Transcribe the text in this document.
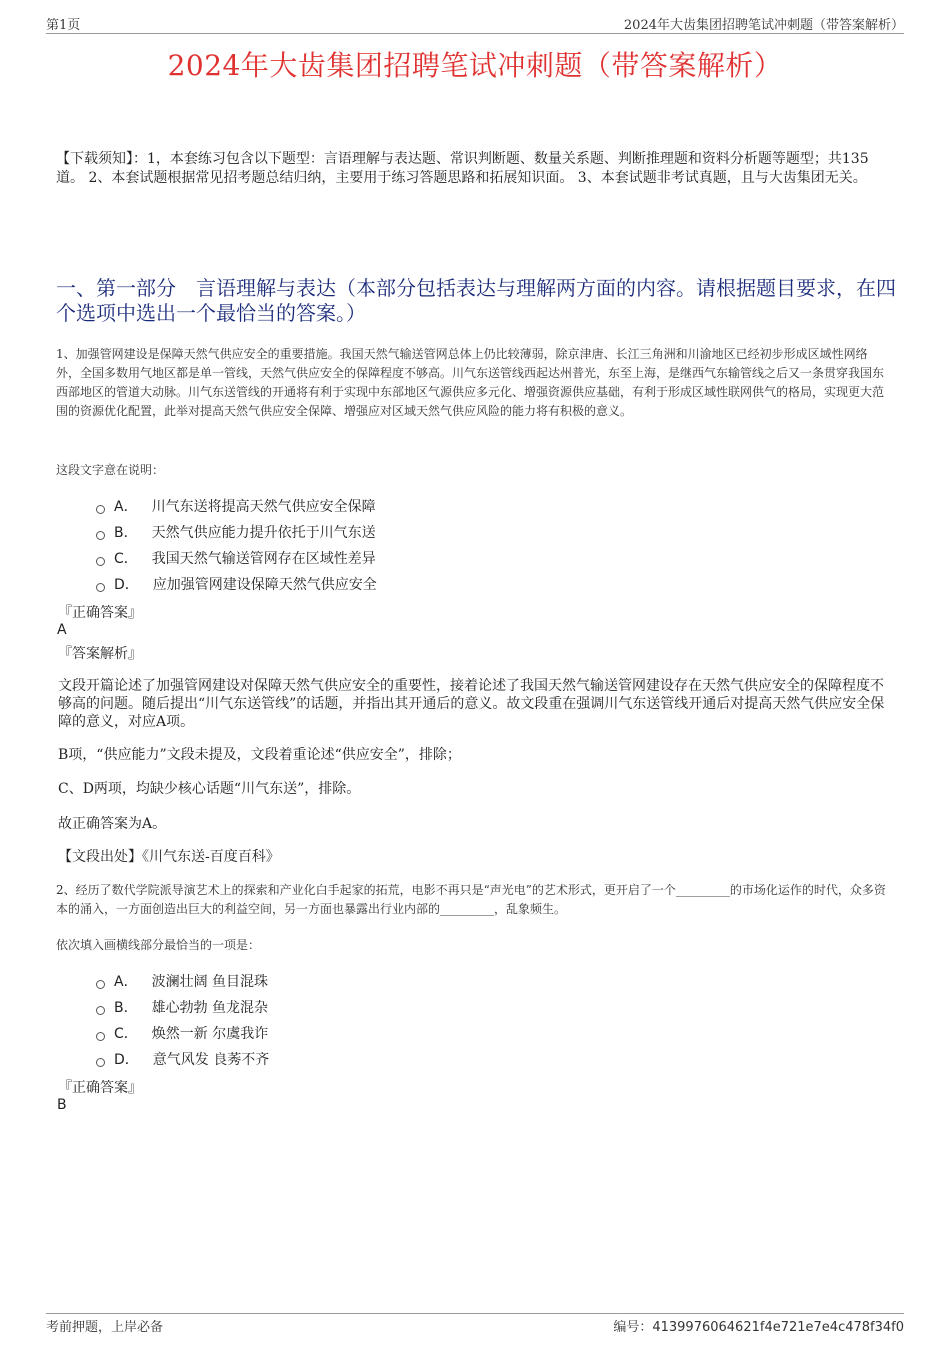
第1页	2024年大齿集团招聘笔试冲刺题（带答案解析）
2024年大齿集团招聘笔试冲刺题（带答案解析）
【下载须知】：1，本套练习包含以下题型：言语理解与表达题、常识判断题、数量关系题、判断推理题和资料分析题等题型；共135道。 2、本套试题根据常见招考题总结归纳，主要用于练习答题思路和拓展知识面。 3、本套试题非考试真题，且与大齿集团无关。
一、第一部分　言语理解与表达（本部分包括表达与理解两方面的内容。请根据题目要求，在四个选项中选出一个最恰当的答案。）
1、加强管网建设是保障天然气供应安全的重要措施。我国天然气输送管网总体上仍比较薄弱，除京津唐、长江三角洲和川渝地区已经初步形成区域性网络外，全国多数用气地区都是单一管线，天然气供应安全的保障程度不够高。川气东送管线西起达州普光，东至上海，是继西气东输管线之后又一条贯穿我国东西部地区的管道大动脉。川气东送管线的开通将有利于实现中东部地区气源供应多元化、增强资源供应基础，有利于形成区域性联网供气的格局，实现更大范围的资源优化配置，此举对提高天然气供应安全保障、增强应对区域天然气供应风险的能力将有积极的意义。
这段文字意在说明：
A． 川气东送将提高天然气供应安全保障
B． 天然气供应能力提升依托于川气东送
C． 我国天然气输送管网存在区域性差异
D． 应加强管网建设保障天然气供应安全
『正确答案』
A
『答案解析』
文段开篇论述了加强管网建设对保障天然气供应安全的重要性，接着论述了我国天然气输送管网建设存在天然气供应安全的保障程度不够高的问题。随后提出“川气东送管线”的话题，并指出其开通后的意义。故文段重在强调川气东送管线开通后对提高天然气供应安全保障的意义，对应A项。
B项，“供应能力”文段未提及，文段着重论述“供应安全”，排除；
C、D两项，均缺少核心话题“川气东送”，排除。
故正确答案为A。
【文段出处】《川气东送-百度百科》
2、经历了数代学院派导演艺术上的探索和产业化白手起家的拓荒，电影不再只是“声光电”的艺术形式，更开启了一个_________的市场化运作的时代，众多资本的涌入，一方面创造出巨大的利益空间，另一方面也暴露出行业内部的_________，乱象频生。
依次填入画横线部分最恰当的一项是：
A． 波澜壮阔 鱼目混珠
B． 雄心勃勃 鱼龙混杂
C． 焕然一新 尔虞我诈
D． 意气风发 良莠不齐
『正确答案』
B
考前押题，上岸必备	编号：4139976064621f4e721e7e4c478f34f0
